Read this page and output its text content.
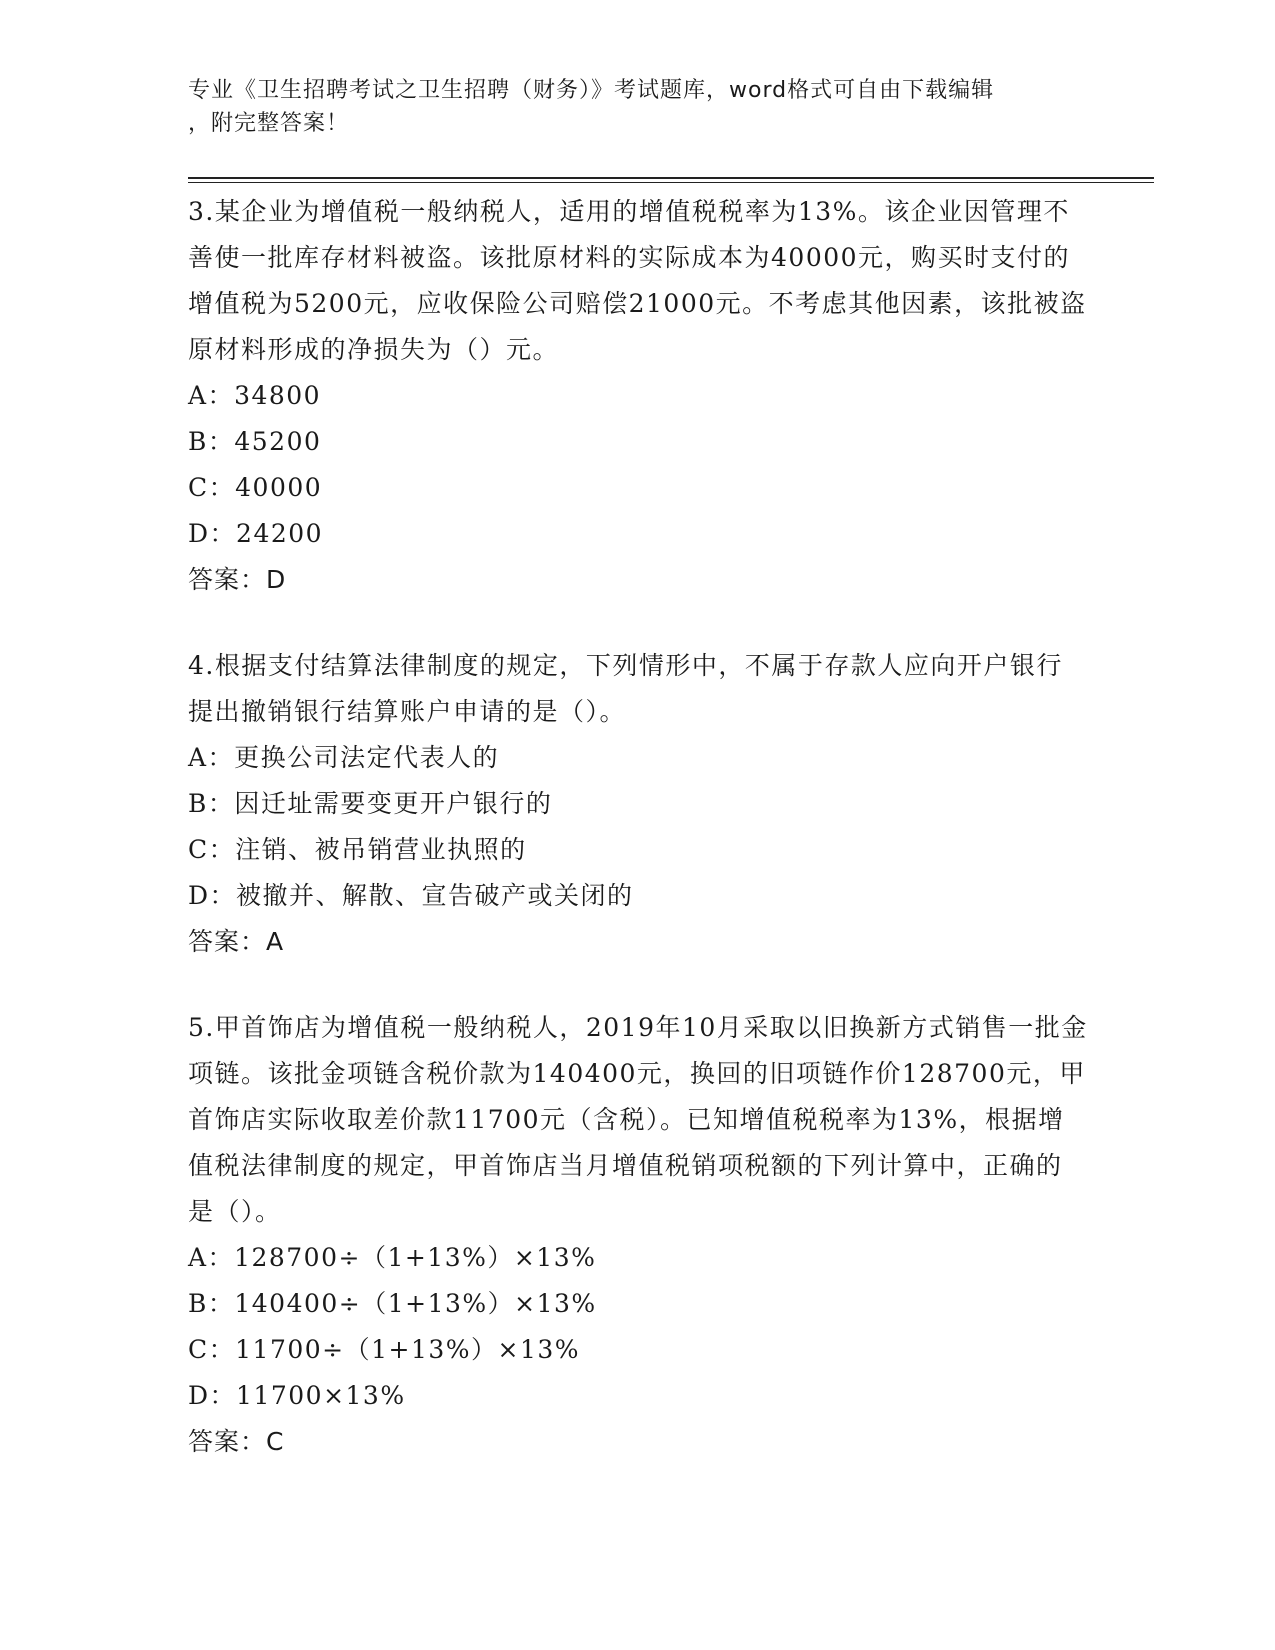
专业《卫生招聘考试之卫生招聘（财务）》考试题库，word格式可自由下载编辑
，附完整答案！

3.某企业为增值税一般纳税人，适用的增值税税率为13%。该企业因管理不善使一批库存材料被盗。该批原材料的实际成本为40000元，购买时支付的增值税为5200元，应收保险公司赔偿21000元。不考虑其他因素，该批被盗原材料形成的净损失为（）元。

A：34800

B：45200

C：40000

D：24200

答案：D

4.根据支付结算法律制度的规定，下列情形中，不属于存款人应向开户银行提出撤销银行结算账户申请的是（）。

A：更换公司法定代表人的

B：因迁址需要变更开户银行的

C：注销、被吊销营业执照的

D：被撤并、解散、宣告破产或关闭的

答案：A

5.甲首饰店为增值税一般纳税人，2019年10月采取以旧换新方式销售一批金项链。该批金项链含税价款为140400元，换回的旧项链作价128700元，甲首饰店实际收取差价款11700元（含税）。已知增值税税率为13%，根据增值税法律制度的规定，甲首饰店当月增值税销项税额的下列计算中，正确的是（）。

A：128700÷（1+13%）×13%

B：140400÷（1+13%）×13%

C：11700÷（1+13%）×13%

D：11700×13%

答案：C
